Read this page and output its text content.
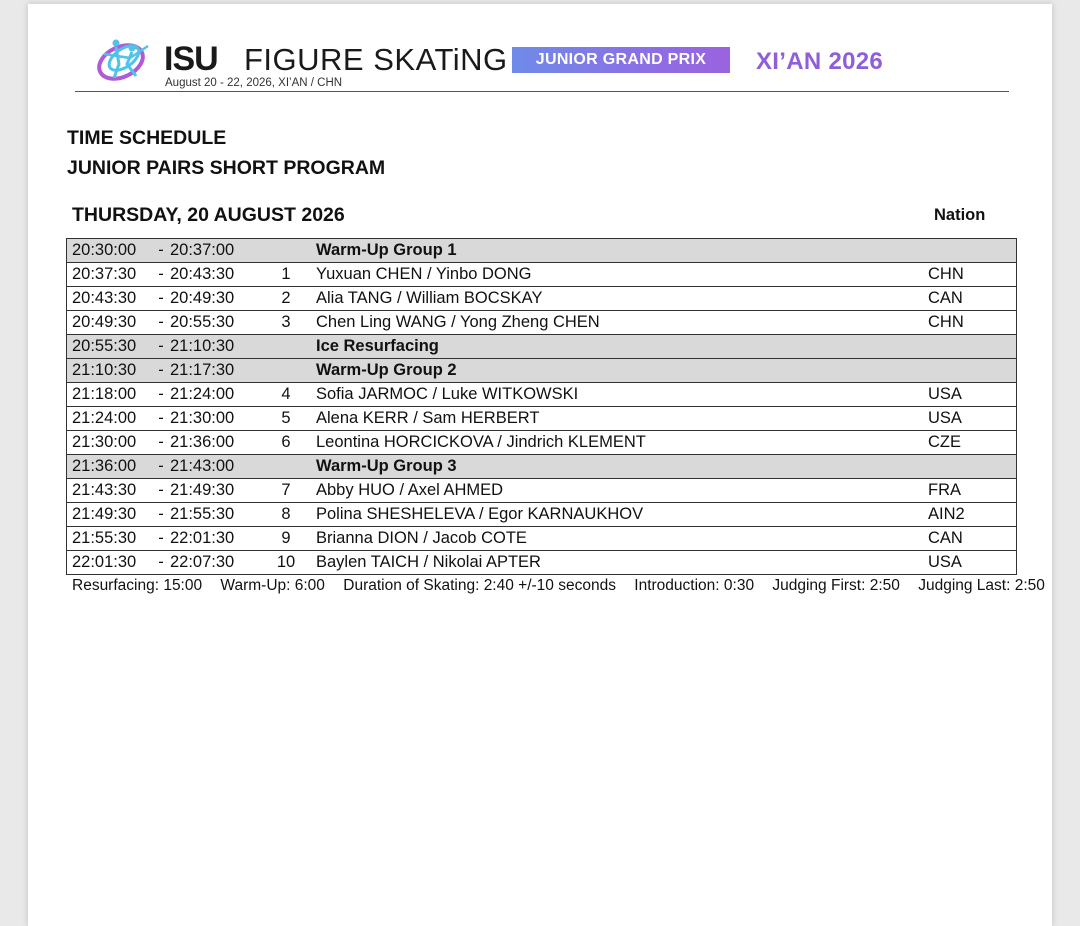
ISU FIGURE SKATiNG
August 20 - 22, 2026, XI’AN / CHN
JUNIOR GRAND PRIX	XI’AN 2026
TIME SCHEDULE
JUNIOR PAIRS SHORT PROGRAM
THURSDAY, 20 AUGUST 2026	Nation
20:30:00	-	20:37:00		Warm-Up Group 1	
20:37:30	-	20:43:30	1	Yuxuan CHEN / Yinbo DONG	CHN
20:43:30	-	20:49:30	2	Alia TANG / William BOCSKAY	CAN
20:49:30	-	20:55:30	3	Chen Ling WANG / Yong Zheng CHEN	CHN
20:55:30	-	21:10:30		Ice Resurfacing	
21:10:30	-	21:17:30		Warm-Up Group 2	
21:18:00	-	21:24:00	4	Sofia JARMOC / Luke WITKOWSKI	USA
21:24:00	-	21:30:00	5	Alena KERR / Sam HERBERT	USA
21:30:00	-	21:36:00	6	Leontina HORCICKOVA / Jindrich KLEMENT	CZE
21:36:00	-	21:43:00		Warm-Up Group 3	
21:43:30	-	21:49:30	7	Abby HUO / Axel AHMED	FRA
21:49:30	-	21:55:30	8	Polina SHESHELEVA / Egor KARNAUKHOV	AIN2
21:55:30	-	22:01:30	9	Brianna DION / Jacob COTE	CAN
22:01:30	-	22:07:30	10	Baylen TAICH / Nikolai APTER	USA
Resurfacing: 15:00 Warm-Up: 6:00 Duration of Skating: 2:40 +/-10 seconds Introduction: 0:30 Judging First: 2:50 Judging Last: 2:50
